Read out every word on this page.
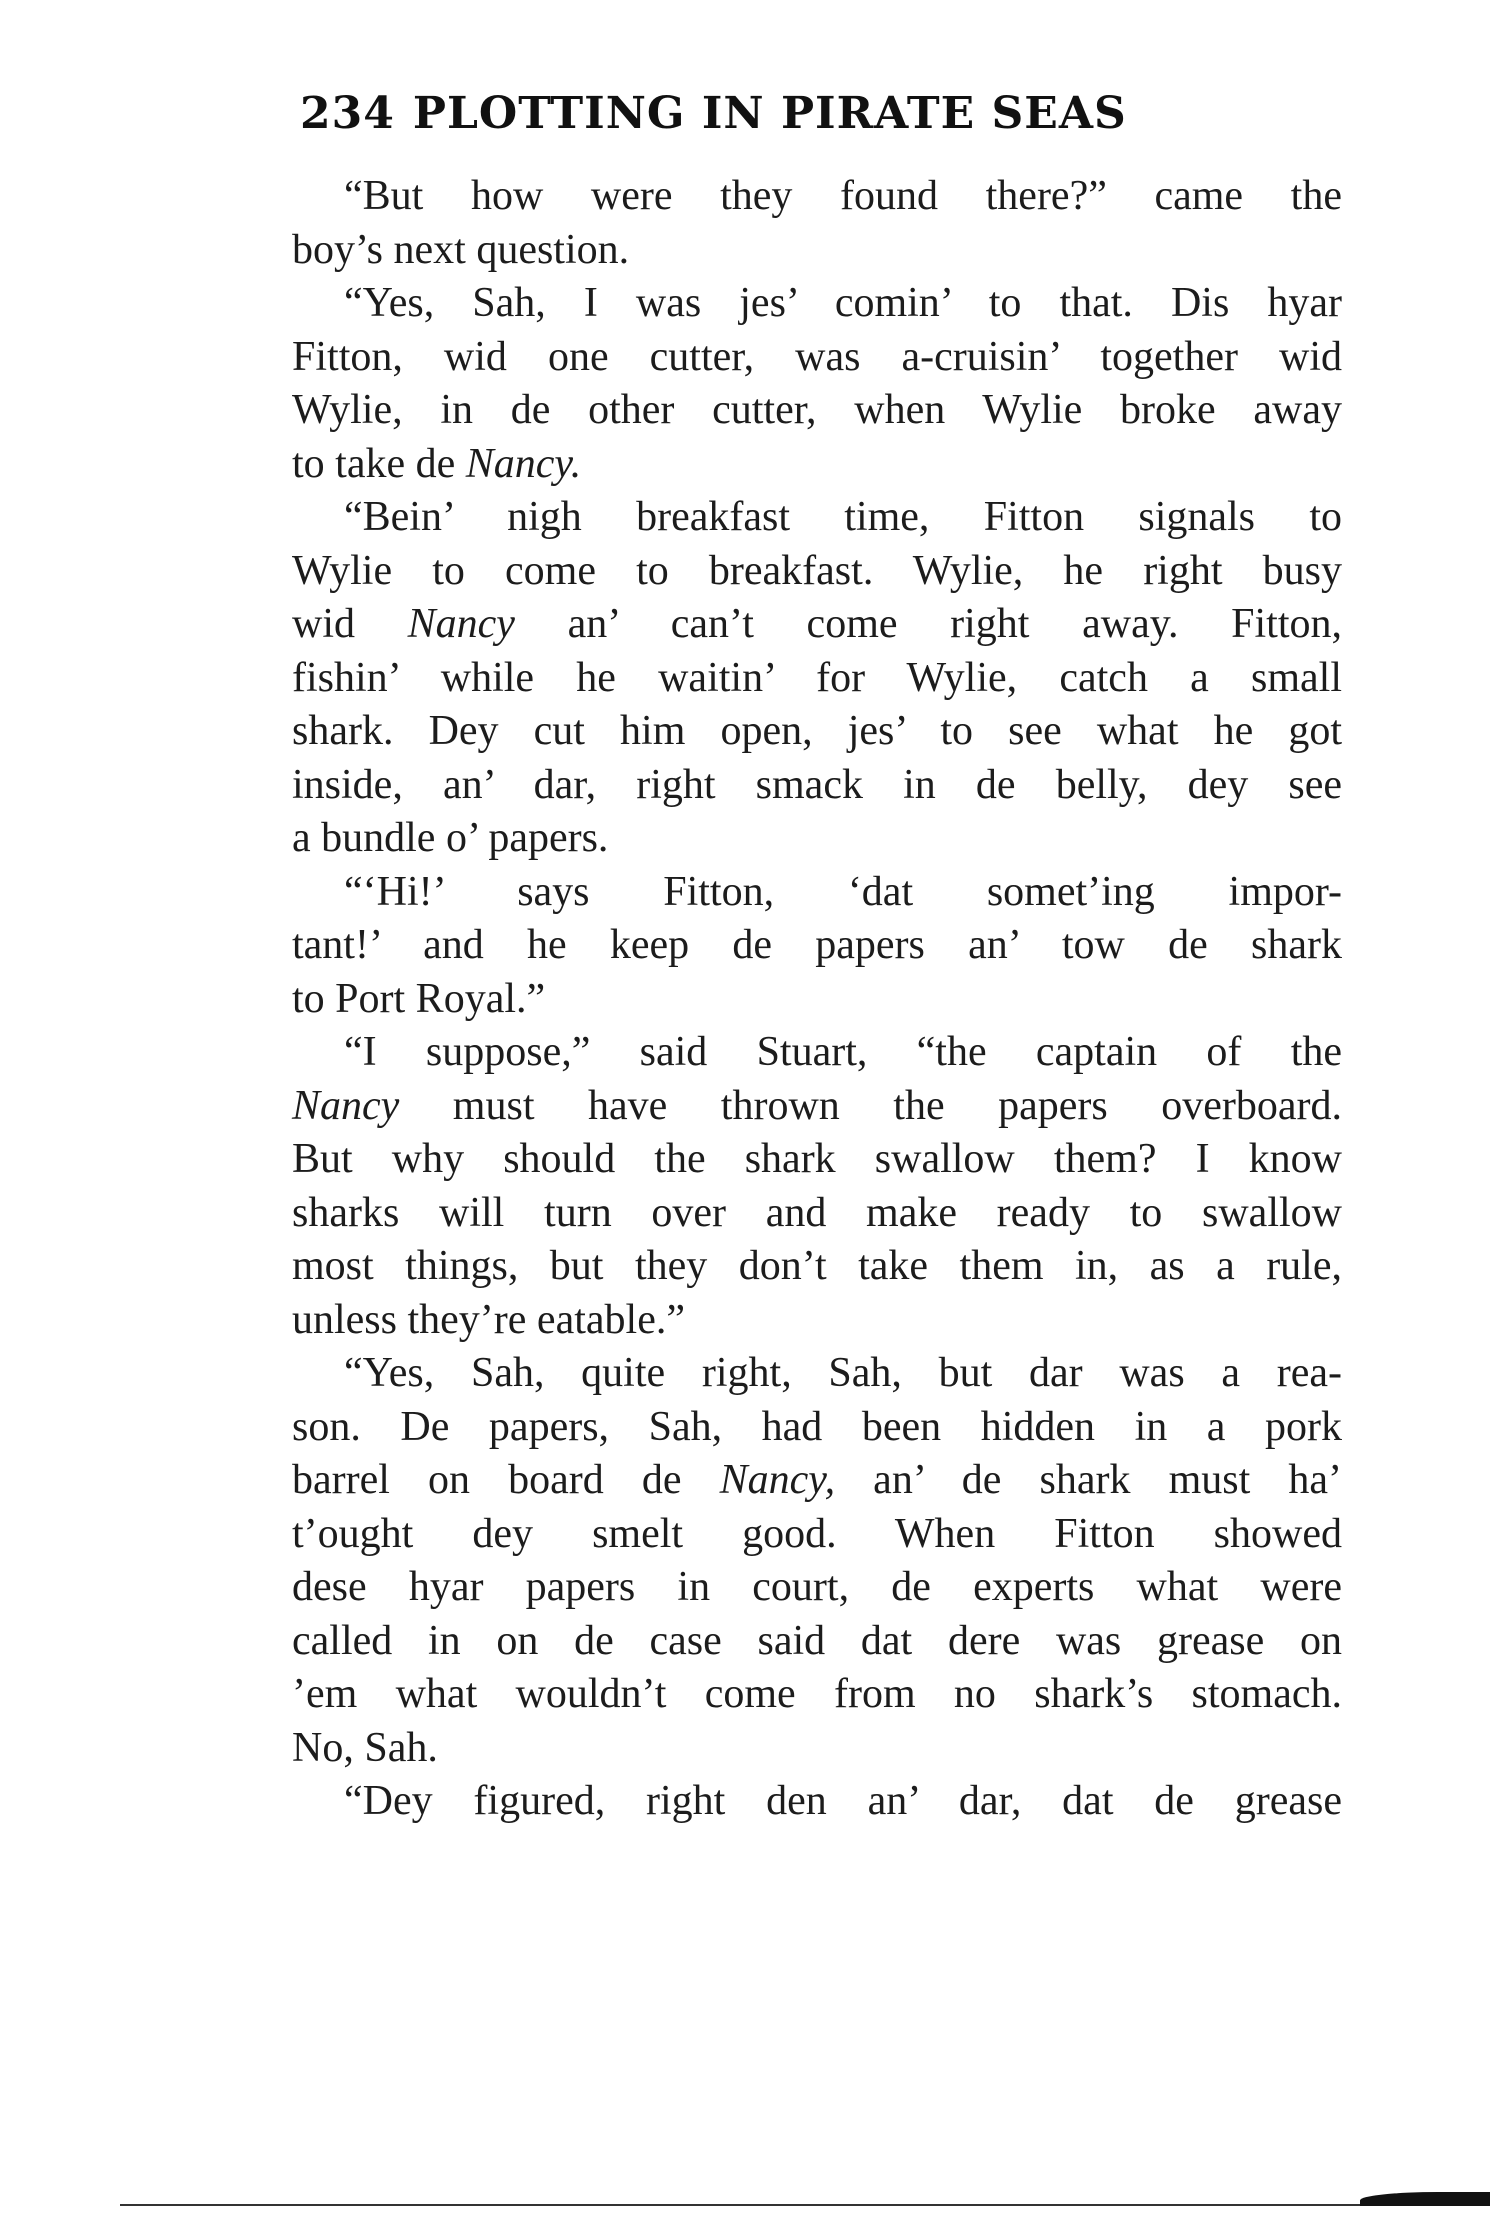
234 PLOTTING IN PIRATE SEAS
“But how were they found there?” came the
boy’s next question.
“Yes, Sah, I was jes’ comin’ to that. Dis hyar
Fitton, wid one cutter, was a-cruisin’ together wid
Wylie, in de other cutter, when Wylie broke away
to take de Nancy.
“Bein’ nigh breakfast time, Fitton signals to
Wylie to come to breakfast. Wylie, he right busy
wid Nancy an’ can’t come right away. Fitton,
fishin’ while he waitin’ for Wylie, catch a small
shark. Dey cut him open, jes’ to see what he got
inside, an’ dar, right smack in de belly, dey see
a bundle o’ papers.
“‘Hi!’ says Fitton, ‘dat somet’ing impor-
tant!’ and he keep de papers an’ tow de shark
to Port Royal.”
“I suppose,” said Stuart, “the captain of the
Nancy must have thrown the papers overboard.
But why should the shark swallow them? I know
sharks will turn over and make ready to swallow
most things, but they don’t take them in, as a rule,
unless they’re eatable.”
“Yes, Sah, quite right, Sah, but dar was a rea-
son. De papers, Sah, had been hidden in a pork
barrel on board de Nancy, an’ de shark must ha’
t’ought dey smelt good. When Fitton showed
dese hyar papers in court, de experts what were
called in on de case said dat dere was grease on
’em what wouldn’t come from no shark’s stomach.
No, Sah.
“Dey figured, right den an’ dar, dat de grease
